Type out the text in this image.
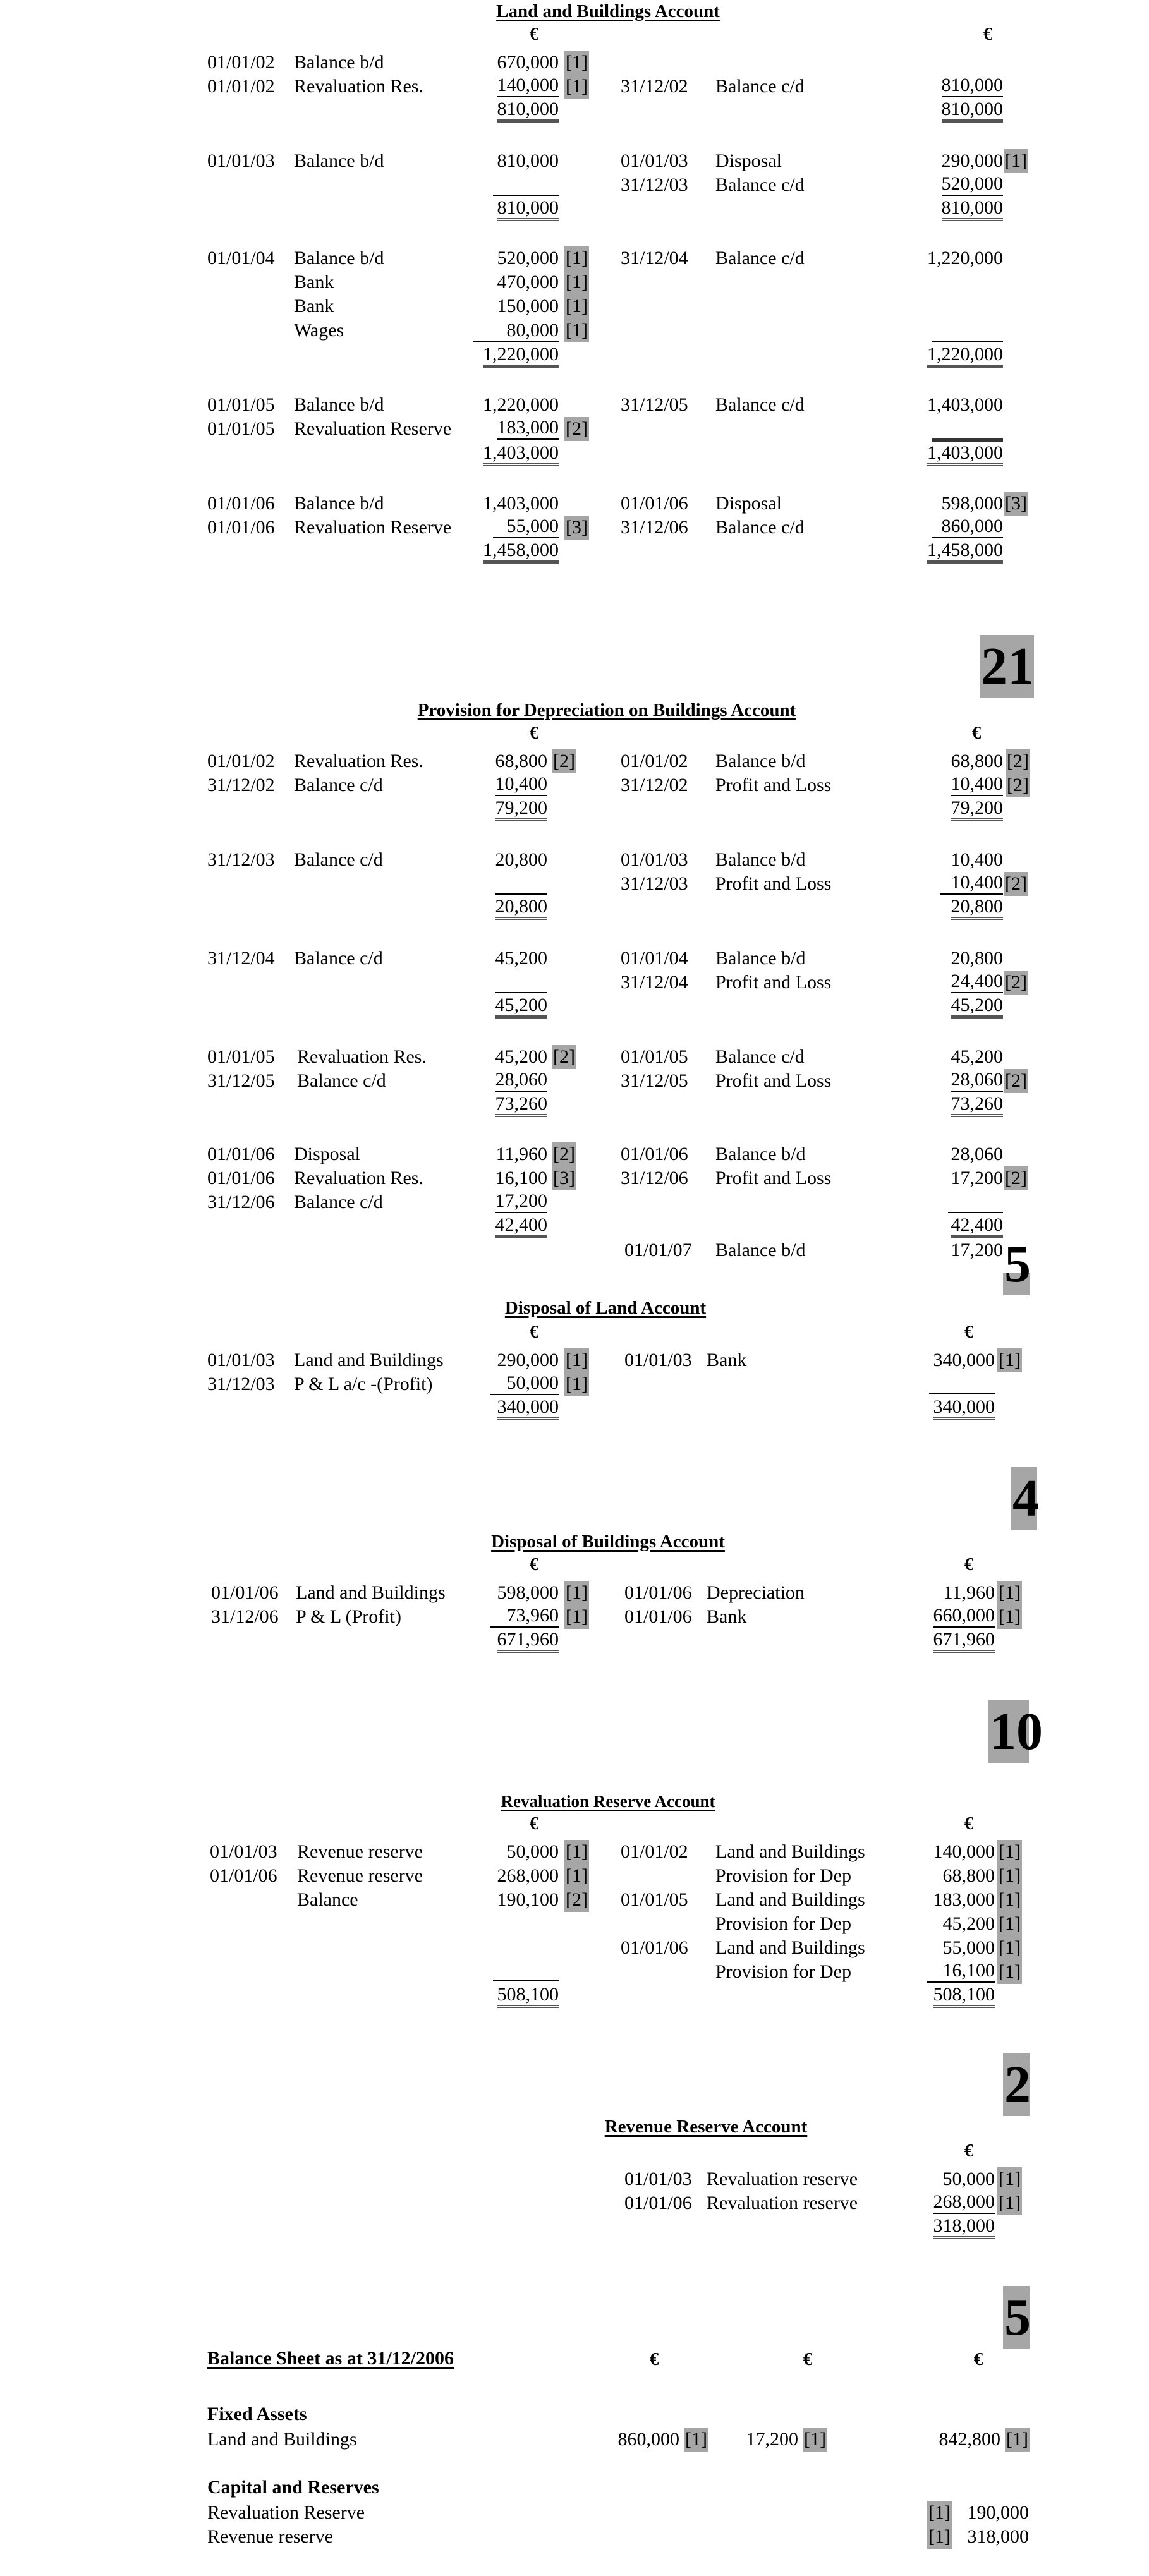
Land and Buildings Account
€	€
01/01/02 Balance b/d	670,000 [1]
01/01/02 Revaluation Res.	140,000 [1] 31/12/02 Balance c/d	810,000
810,000	810,000
01/01/03 Balance b/d	810,000	01/01/03 Disposal	290,000 [1]
31/12/03 Balance c/d	520,000
810,000	810,000
01/01/04 Balance b/d	520,000 [1] 31/12/04 Balance c/d	1,220,000
Bank	470,000 [1]
Bank	150,000 [1]
Wages	80,000 [1]
1,220,000	1,220,000
01/01/05 Balance b/d	1,220,000	31/12/05 Balance c/d	1,403,000
01/01/05 Revaluation Reserve 183,000 [2]
1,403,000	1,403,000
01/01/06 Balance b/d	1,403,000	01/01/06 Disposal	598,000 [3]
01/01/06 Revaluation Reserve	55,000 [3] 31/12/06 Balance c/d	860,000
1,458,000	1,458,000
21
Provision for Depreciation on Buildings Account
€	€
01/01/02 Revaluation Res.	68,800 [2] 01/01/02 Balance b/d	68,800 [2]
31/12/02 Balance c/d	10,400	31/12/02 Profit and Loss	10,400 [2]
79,200	79,200
31/12/03 Balance c/d	20,800	01/01/03 Balance b/d	10,400
31/12/03 Profit and Loss	10,400 [2]
20,800	20,800
31/12/04 Balance c/d	45,200	01/01/04 Balance b/d	20,800
31/12/04 Profit and Loss	24,400 [2]
45,200	45,200
01/01/05 Revaluation Res.	45,200 [2] 01/01/05 Balance c/d	45,200
31/12/05 Balance c/d	28,060	31/12/05 Profit and Loss	28,060 [2]
73,260	73,260
01/01/06 Disposal	11,960 [2] 01/01/06 Balance b/d	28,060
01/01/06 Revaluation Res.	16,100 [3] 31/12/06 Profit and Loss	17,200 [2]
31/12/06 Balance c/d	17,200
42,400	42,400
01/01/07 Balance b/d	17,200 5
Disposal of Land Account
€	€
01/01/03 Land and Buildings	290,000 [1] 01/01/03 Bank	340,000 [1]
31/12/03 P & L a/c -(Profit)	50,000 [1]
340,000	340,000
4
Disposal of Buildings Account
€	€
01/01/06 Land and Buildings	598,000 [1] 01/01/06 Depreciation	11,960 [1]
31/12/06 P & L (Profit)	73,960 [1] 01/01/06 Bank	660,000 [1]
671,960	671,960
10
Revaluation Reserve Account
€	€
01/01/03 Revenue reserve	50,000 [1] 01/01/02 Land and Buildings	140,000 [1]
01/01/06 Revenue reserve	268,000 [1]	Provision for Dep	68,800 [1]
Balance	190,100 [2] 01/01/05 Land and Buildings	183,000 [1]
Provision for Dep	45,200 [1]
01/01/06 Land and Buildings	55,000 [1]
Provision for Dep	16,100 [1]
508,100	508,100
2
Revenue Reserve Account
€
01/01/03 Revaluation reserve	50,000 [1]
01/01/06 Revaluation reserve	268,000 [1]
318,000
5
Balance Sheet as at 31/12/2006	€	€	€
Fixed Assets
Land and Buildings	860,000 [1] 17,200 [1]	842,800 [1]
Capital and Reserves
Revaluation Reserve	[1] 190,000
Revenue reserve	[1] 318,000
